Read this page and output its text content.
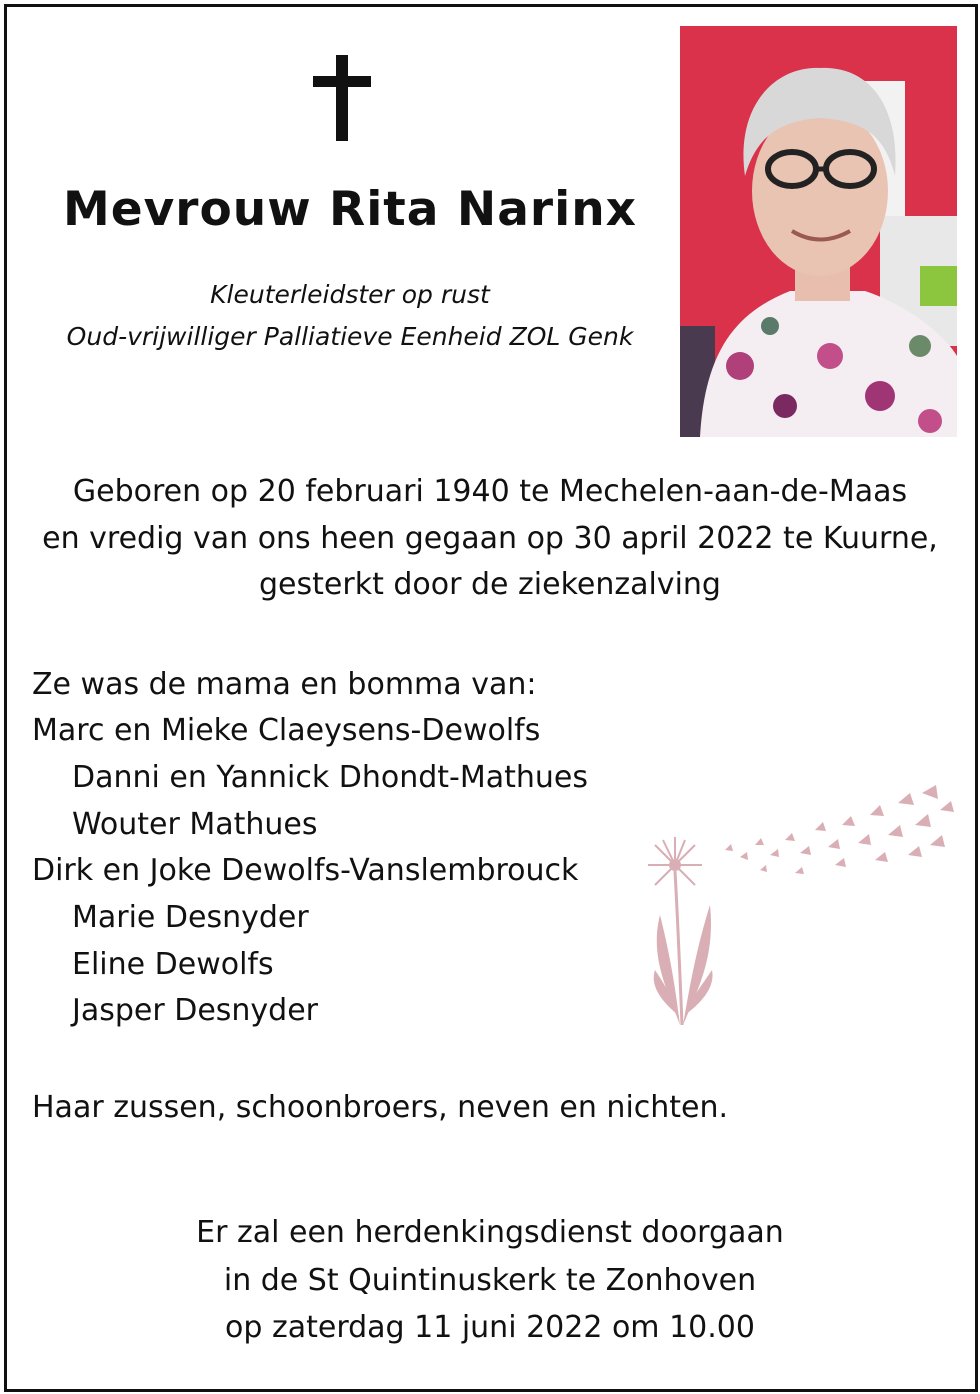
Mevrouw Rita Narinx
Kleuterleidster op rust
Oud-vrijwilliger Palliatieve Eenheid ZOL Genk
Geboren op 20 februari 1940 te Mechelen-aan-de-Maas
en vredig van ons heen gegaan op 30 april 2022 te Kuurne,
gesterkt door de ziekenzalving
Ze was de mama en bomma van:
Marc en Mieke Claeysens-Dewolfs
Danni en Yannick Dhondt-Mathues
Wouter Mathues
Dirk en Joke Dewolfs-Vanslembrouck
Marie Desnyder
Eline Dewolfs
Jasper Desnyder
Haar zussen, schoonbroers, neven en nichten.
Er zal een herdenkingsdienst doorgaan
in de St Quintinuskerk te Zonhoven
op zaterdag 11 juni 2022 om 10.00
